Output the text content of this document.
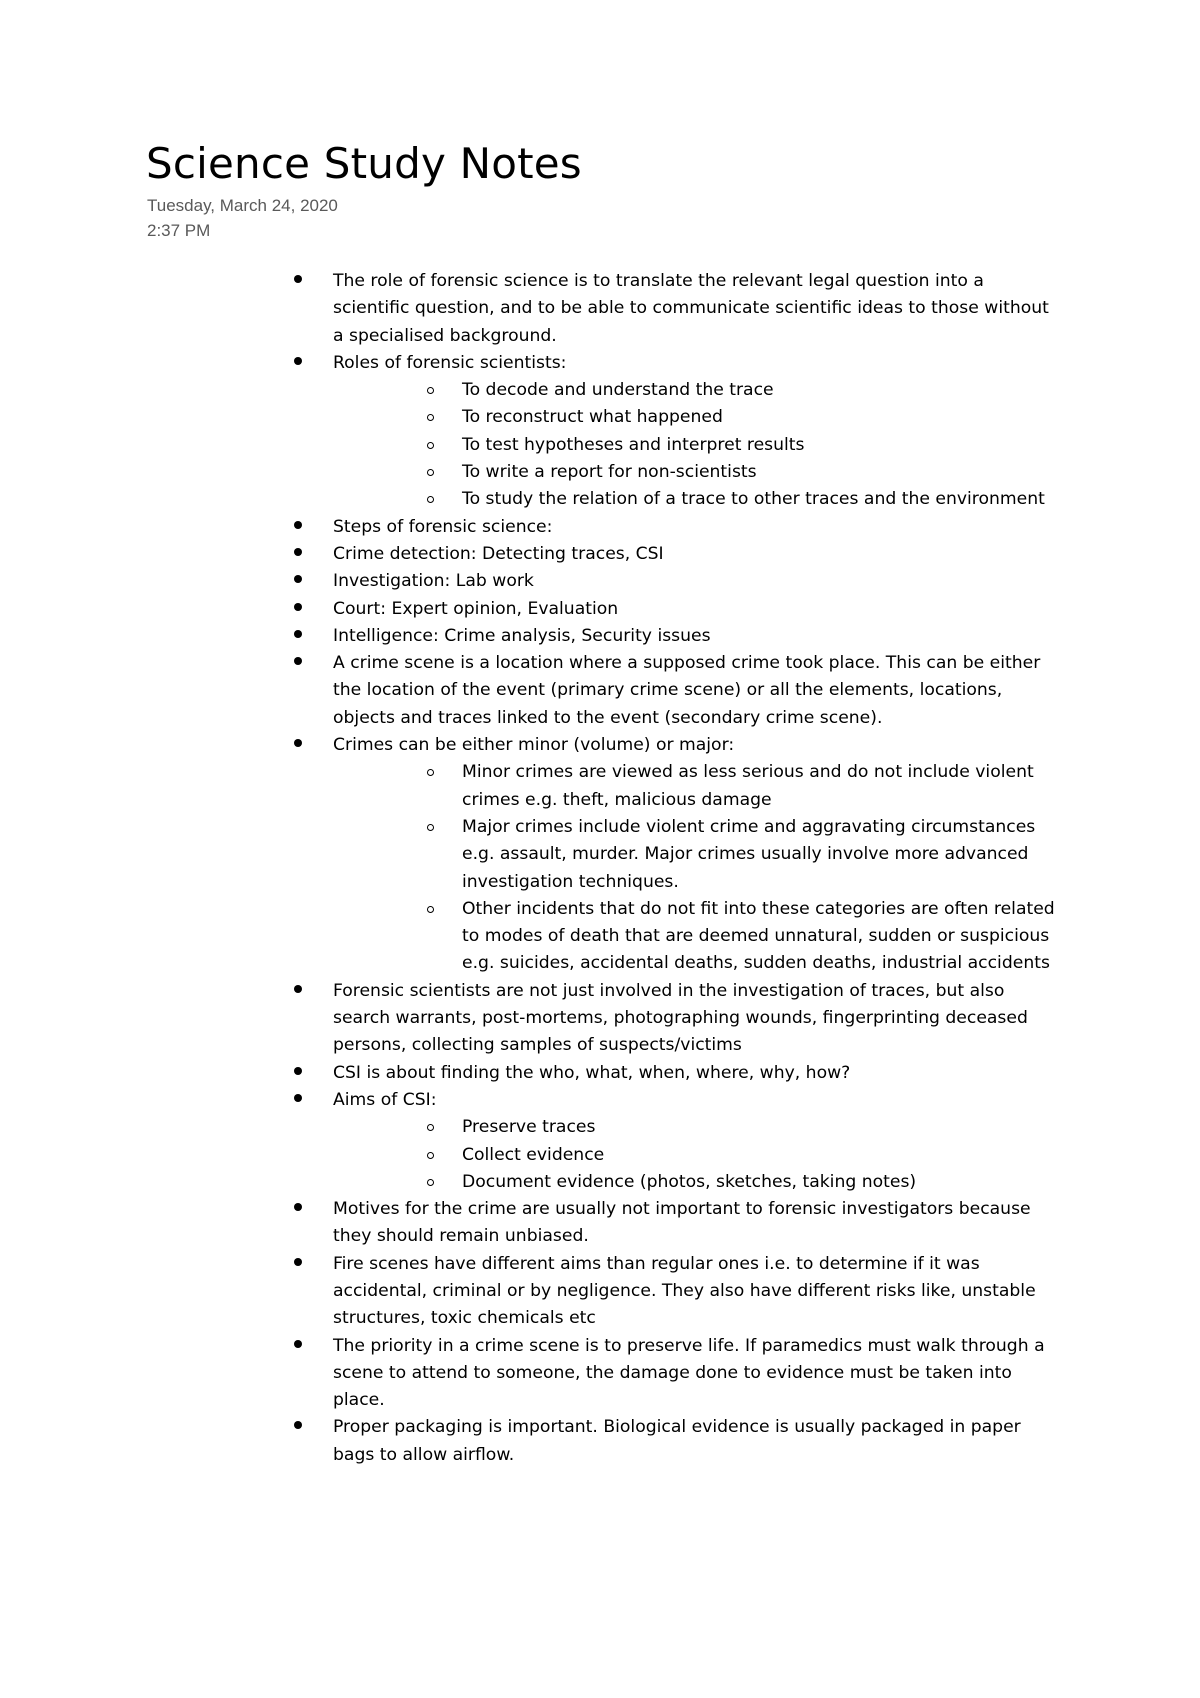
Science Study Notes
Tuesday, March 24, 2020
2:37 PM
The role of forensic science is to translate the relevant legal question into a scientific question, and to be able to communicate scientific ideas to those without a specialised background.
Roles of forensic scientists:
To decode and understand the trace
To reconstruct what happened
To test hypotheses and interpret results
To write a report for non-scientists
To study the relation of a trace to other traces and the environment
Steps of forensic science:
Crime detection: Detecting traces, CSI
Investigation: Lab work
Court: Expert opinion, Evaluation
Intelligence: Crime analysis, Security issues
A crime scene is a location where a supposed crime took place. This can be either the location of the event (primary crime scene) or all the elements, locations, objects and traces linked to the event (secondary crime scene).
Crimes can be either minor (volume) or major:
Minor crimes are viewed as less serious and do not include violent crimes e.g. theft, malicious damage
Major crimes include violent crime and aggravating circumstances e.g. assault, murder. Major crimes usually involve more advanced investigation techniques.
Other incidents that do not fit into these categories are often related to modes of death that are deemed unnatural, sudden or suspicious e.g. suicides, accidental deaths, sudden deaths, industrial accidents
Forensic scientists are not just involved in the investigation of traces, but also search warrants, post-mortems, photographing wounds, fingerprinting deceased persons, collecting samples of suspects/victims
CSI is about finding the who, what, when, where, why, how?
Aims of CSI:
Preserve traces
Collect evidence
Document evidence (photos, sketches, taking notes)
Motives for the crime are usually not important to forensic investigators because they should remain unbiased.
Fire scenes have different aims than regular ones i.e. to determine if it was accidental, criminal or by negligence. They also have different risks like, unstable structures, toxic chemicals etc
The priority in a crime scene is to preserve life. If paramedics must walk through a scene to attend to someone, the damage done to evidence must be taken into place.
Proper packaging is important. Biological evidence is usually packaged in paper bags to allow airflow.
